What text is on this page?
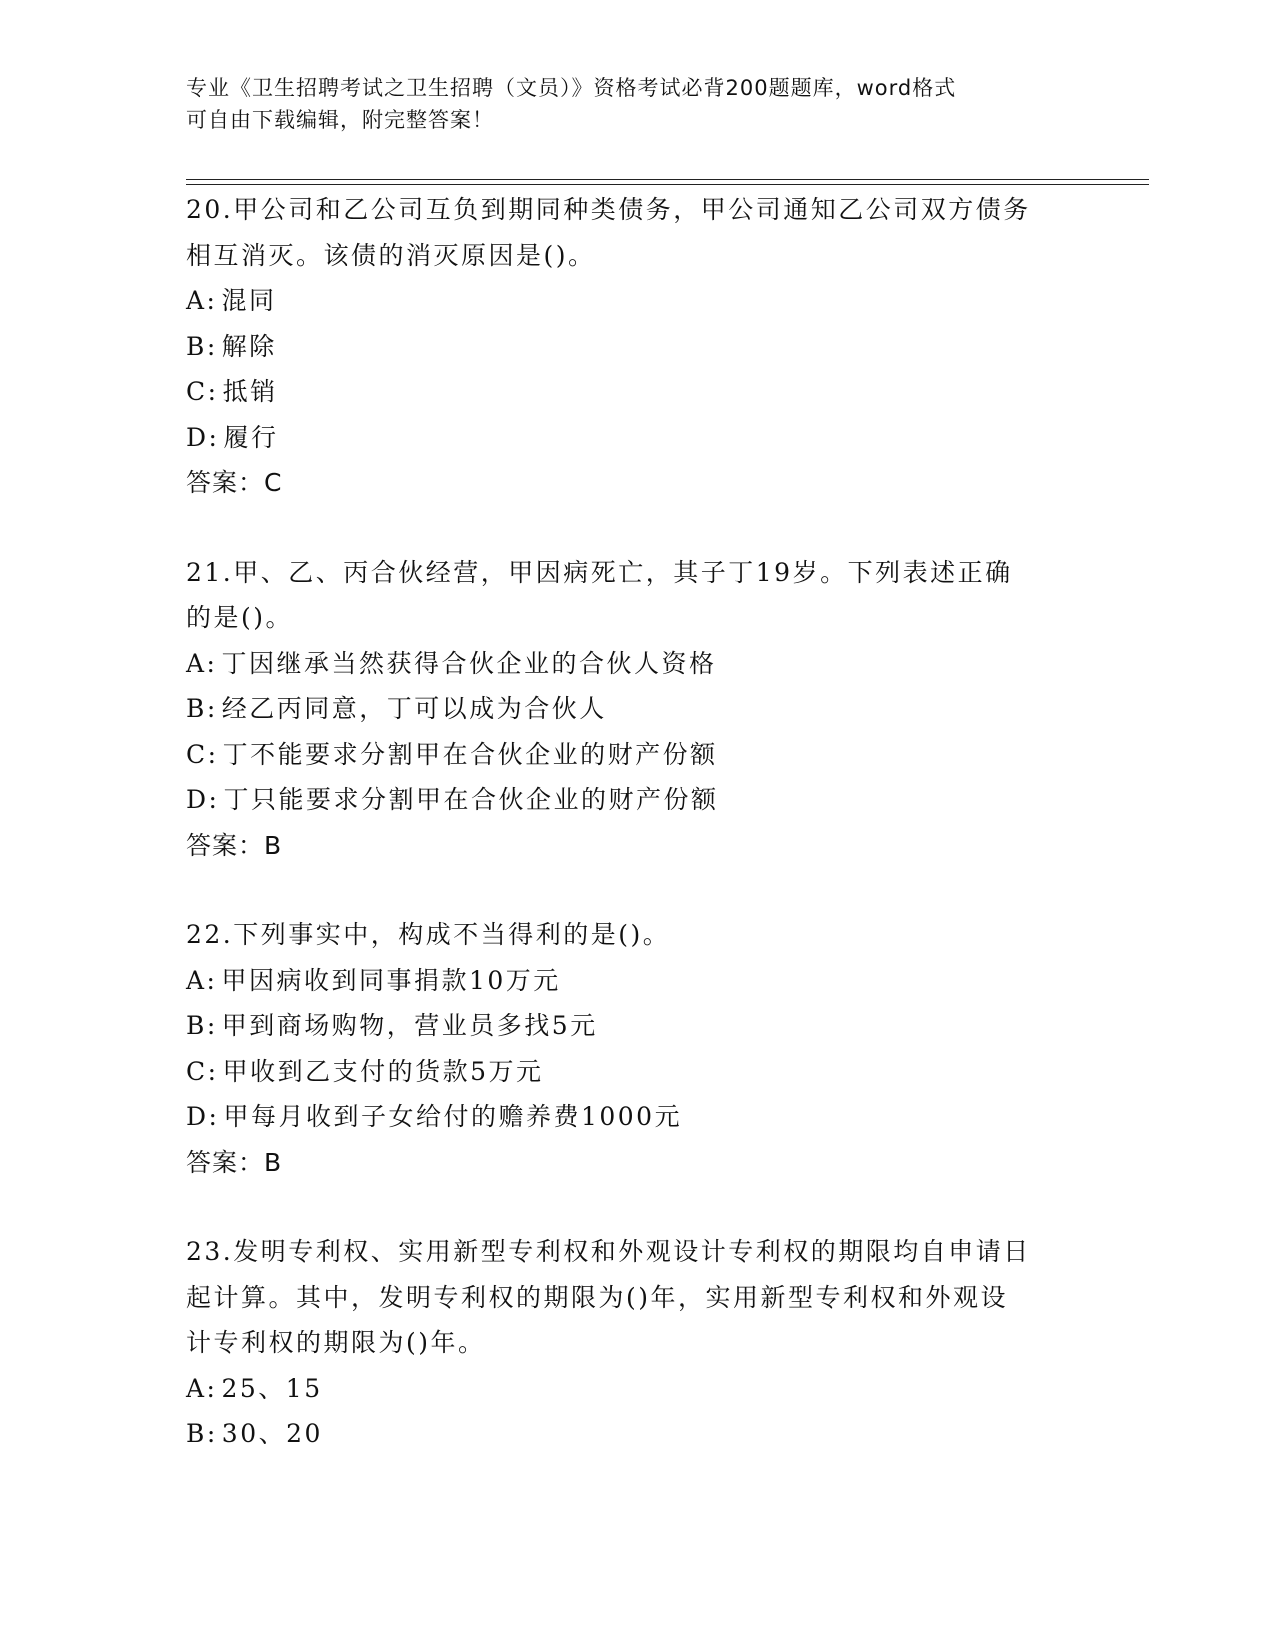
专业《卫生招聘考试之卫生招聘（文员）》资格考试必背200题题库，word格式
可自由下载编辑，附完整答案！

20.甲公司和乙公司互负到期同种类债务，甲公司通知乙公司双方债务

相互消灭。该债的消灭原因是()。

A: 混同

B: 解除

C: 抵销

D: 履行

答案：C

21.甲、乙、丙合伙经营，甲因病死亡，其子丁19岁。下列表述正确

的是()。

A: 丁因继承当然获得合伙企业的合伙人资格

B: 经乙丙同意，丁可以成为合伙人

C: 丁不能要求分割甲在合伙企业的财产份额

D: 丁只能要求分割甲在合伙企业的财产份额

答案：B

22.下列事实中，构成不当得利的是()。

A: 甲因病收到同事捐款10万元

B: 甲到商场购物，营业员多找5元

C: 甲收到乙支付的货款5万元

D: 甲每月收到子女给付的赡养费1000元

答案：B

23.发明专利权、实用新型专利权和外观设计专利权的期限均自申请日

起计算。其中，发明专利权的期限为()年，实用新型专利权和外观设

计专利权的期限为()年。

A: 25、15

B: 30、20
